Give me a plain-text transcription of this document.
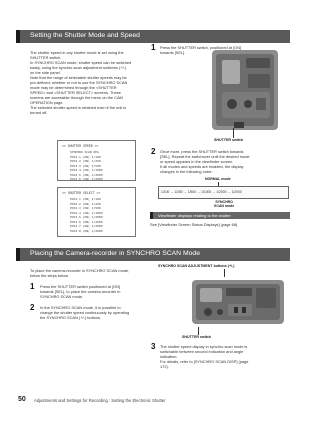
Setting the Shutter Mode and Speed
The shutter speed in any shutter mode is set using the
SHUTTER switch.
In SYNCHRO SCAN mode, shutter speed can be switched
easily, using the synchro-scan adjustment switches (+/-)
on the side panel.
Note that the range of selectable shutter speeds may be
pre-defined; whether or not to use the SYNCHRO SCAN
mode may be determined through the <SHUTTER
SPEED> and <SHUTTER SELECT> screens. These
screens are accessible through the menu on the CAM
OPERATION page.
The selected shutter speed is retained even if the unit is
turned off.
<< SHUTTER SPEED >>
SYNCHRO SCAN DEG
POSI.1 (ON) 1/100
POSI.2 (ON) 1/250
POSI.3 (ON) 1/500
POSI.4 (ON) 1/1000
POSI.5 (ON) 1/2000
POSI.6 (ON) 1/2000
<< SHUTTER SELECT >>
POSI.1 (ON) 1/100
POSI.2 (ON) 1/250
POSI.3 (ON) 1/500
POSI.4 (ON) 1/1000
POSI.5 (ON) 1/2000
POSI.6 (ON) 1/2000
POSI.7 (ON) 1/2000
POSI.8 (ON) 1/2000
1 Press the SHUTTER switch, positioned at [ON]
towards [SEL].
SHUTTER switch
2 Once more, press the SHUTTER switch towards
[SEL]. Repeat the switchover until the desired mode
or speed appears in the viewfinder screen.
If all modes and speeds are enabled, the display
changes in the following order:
NORMAL mode
1/100 → 1/250 → 1/500 → 1/1000 → 1/2000 → 1/2000
SYNCHRO
SCAN mode
Viewfinder displays relating to the shutter
See [Viewfinder Screen Status Displays] (page 68).
Placing the Camera-recorder in SYNCHRO SCAN Mode
To place the camera-recorder in SYNCHRO SCAN mode,
follow the steps below.
1 Press the SHUTTER switch positioned at [ON]
towards [SEL], to place the camera-recorder in
SYNCHRO SCAN mode.
2 In the SYNCHRO SCAN mode, it is possible to
change the shutter speed continuously by operating
the SYNCHRO SCAN (+/-) buttons.
SYNCHRO SCAN ADJUSTMENT buttons (+/-)
SHUTTER switch
3 The shutter speed display in synchro scan mode is
switchable between second indication and angle
indication.
For details, refer to [SYNCHRO SCAN DISP] (page
172).
50 Adjustments and Settings for Recording : Setting the Electronic Shutter
